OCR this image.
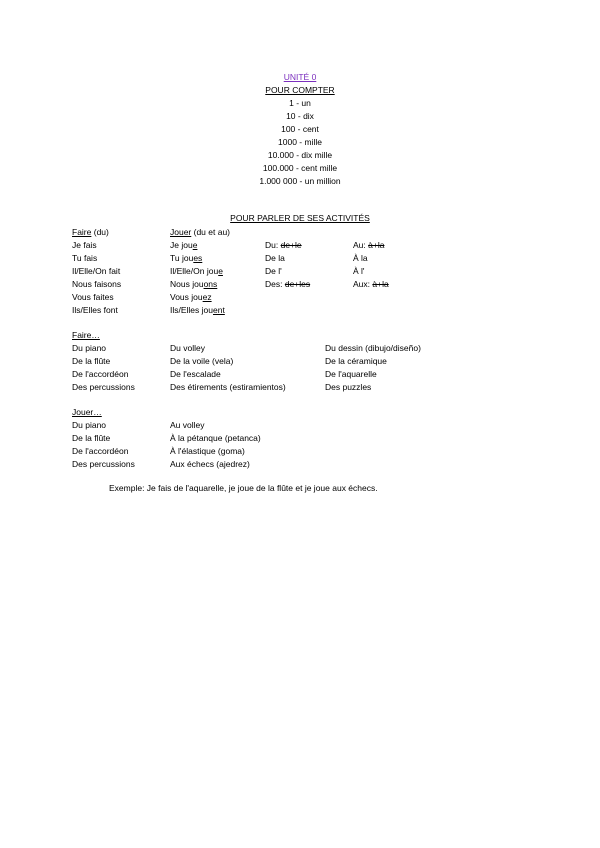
UNITÉ 0
POUR COMPTER
1 - un
10 - dix
100 - cent
1000 - mille
10.000 - dix mille
100.000 - cent mille
1.000 000 - un million
POUR PARLER DE SES ACTIVITÉS
Faire (du)	Jouer (du et au)
Je fais
Tu fais
Il/Elle/On fait
Nous faisons
Vous faites
Ils/Elles font
Je joue
Tu joues
Il/Elle/On joue
Nous jouons
Vous jouez
Ils/Elles jouent
Du: de+le
De la
De l'
Des: de+les
Au: à+la
À la
À l'
Aux: à+la
Faire…
Du piano
De la flûte
De l'accordéon
Des percussions
Du volley
De la voile (vela)
De l'escalade
Des étirements (estiramientos)
Du dessin (dibujo/diseño)
De la céramique
De l'aquarelle
Des puzzles
Jouer…
Du piano
De la flûte
De l'accordéon
Des percussions
Au volley
À la pétanque (petanca)
À l'élastique (goma)
Aux échecs (ajedrez)
Exemple: Je fais de l'aquarelle, je joue de la flûte et je joue aux échecs.
